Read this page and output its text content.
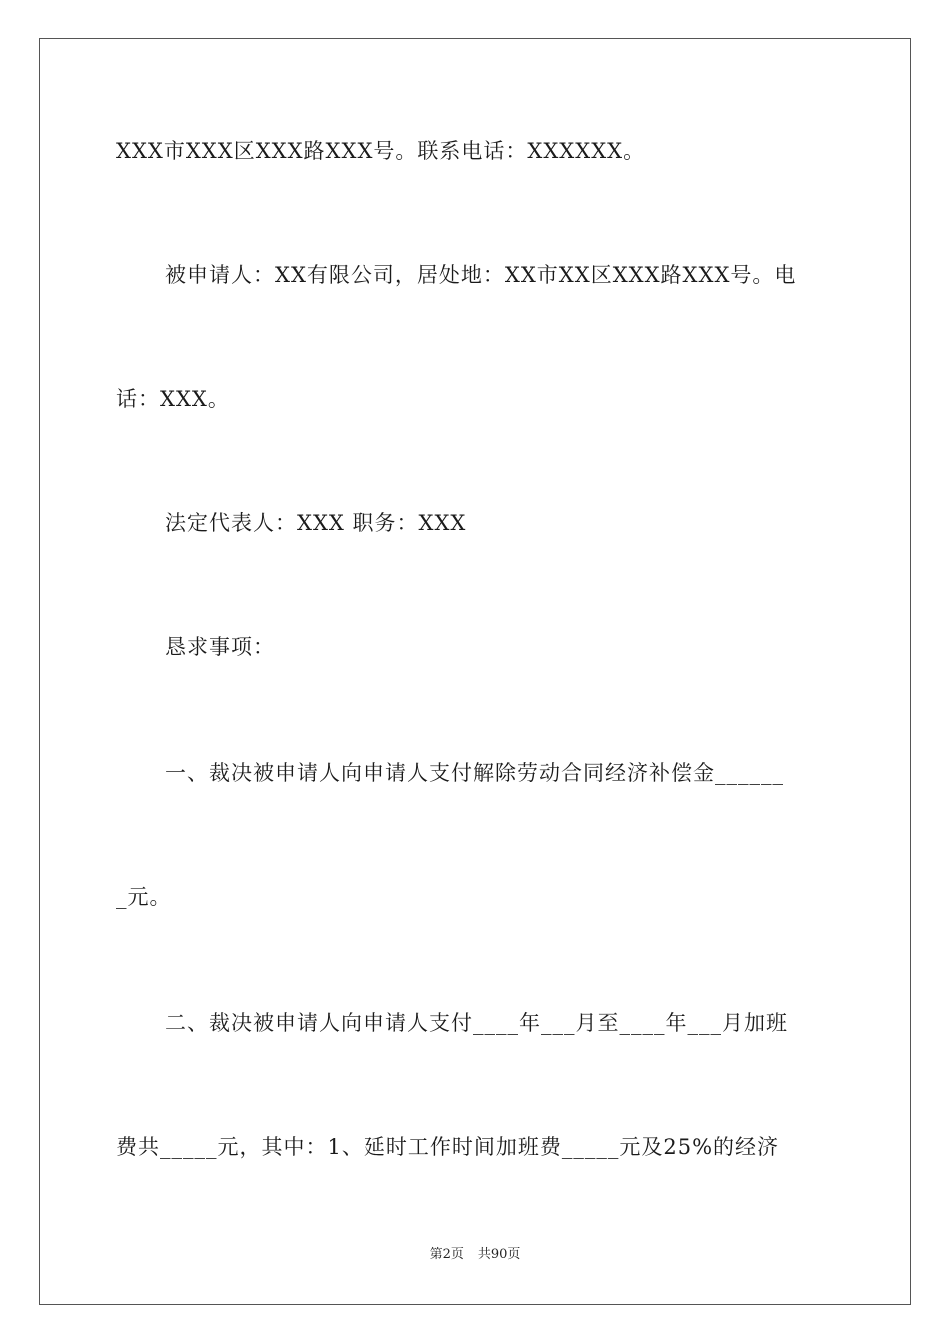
XXX市XXX区XXX路XXX号。联系电话：XXXXXX。
被申请人：XX有限公司，居处地：XX市XX区XXX路XXX号。电
话：XXX。
法定代表人：XXX 职务：XXX
恳求事项：
一、裁决被申请人向申请人支付解除劳动合同经济补偿金______
_元。
二、裁决被申请人向申请人支付____年___月至____年___月加班
费共_____元，其中：1、延时工作时间加班费_____元及25%的经济
第2页 共90页
